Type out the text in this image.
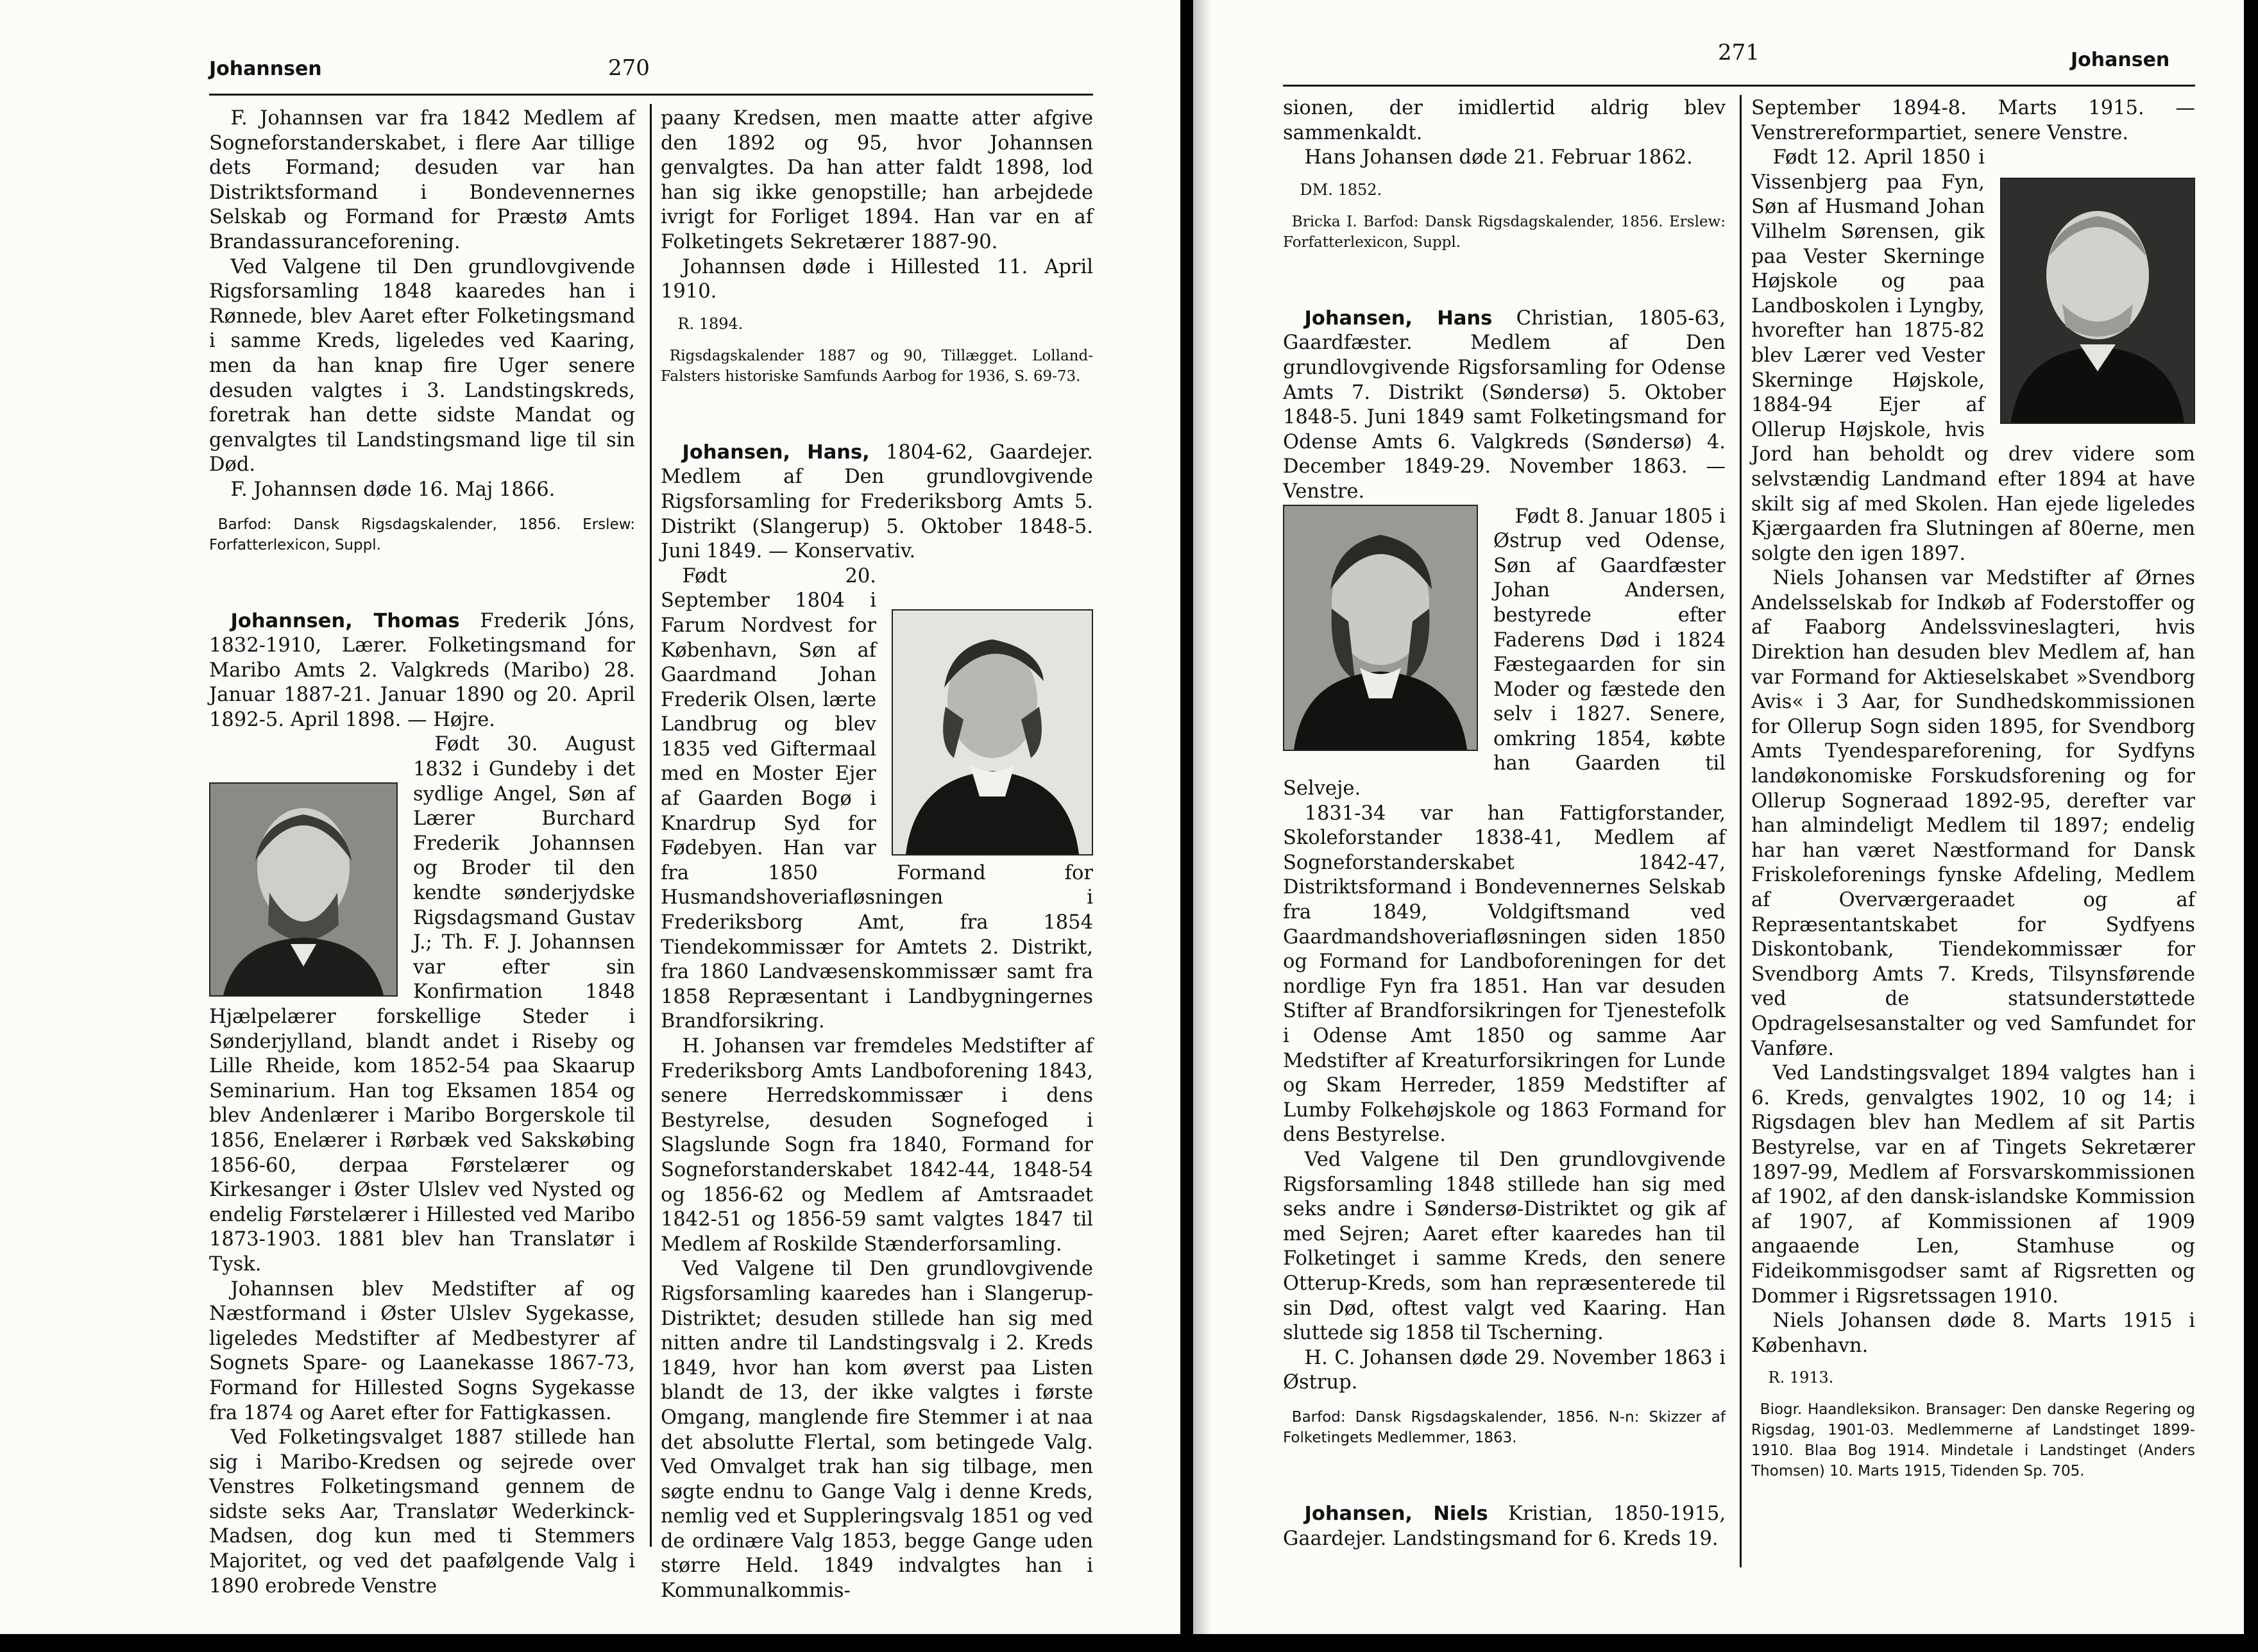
Johannsen	270

F. Johannsen var fra 1842 Medlem af Sogneforstanderskabet, i flere Aar tillige dets Formand; desuden var han Distriktsformand i Bondevennernes Selskab og Formand for Præstø Amts Brandassuranceforening.

Ved Valgene til Den grundlovgivende Rigsforsamling 1848 kaaredes han i Rønnede, blev Aaret efter Folketingsmand i samme Kreds, ligeledes ved Kaaring, men da han knap fire Uger senere desuden valgtes i 3. Landstingskreds, foretrak han dette sidste Mandat og genvalgtes til Landstingsmand lige til sin Død.

F. Johannsen døde 16. Maj 1866.

Barfod: Dansk Rigsdagskalender, 1856. Erslew: Forfatterlexicon, Suppl.

Johannsen, Thomas Frederik Jóns, 1832-1910, Lærer. Folketingsmand for Maribo Amts 2. Valgkreds (Maribo) 28. Januar 1887-21. Januar 1890 og 20. April 1892-5. April 1898. — Højre.

Født 30. August 1832 i Gundeby i det sydlige Angel, Søn af Lærer Burchard Frederik Johannsen og Broder til den kendte sønderjydske Rigsdagsmand Gustav J.; Th. F. J. Johannsen var efter sin Konfirmation 1848 Hjælpelærer forskellige Steder i Sønderjylland, blandt andet i Riseby og Lille Rheide, kom 1852-54 paa Skaarup Seminarium. Han tog Eksamen 1854 og blev Andenlærer i Maribo Borgerskole til 1856, Enelærer i Rørbæk ved Sakskøbing 1856-60, derpaa Førstelærer og Kirkesanger i Øster Ulslev ved Nysted og endelig Førstelærer i Hillested ved Maribo 1873-1903. 1881 blev han Translatør i Tysk.

Johannsen blev Medstifter af og Næstformand i Øster Ulslev Sygekasse, ligeledes Medstifter af Medbestyrer af Sognets Spare- og Laanekasse 1867-73, Formand for Hillested Sogns Sygekasse fra 1874 og Aaret efter for Fattigkassen.

Ved Folketingsvalget 1887 stillede han sig i Maribo-Kredsen og sejrede over Venstres Folketingsmand gennem de sidste seks Aar, Translatør Wederkinck-Madsen, dog kun med ti Stemmers Majoritet, og ved det paafølgende Valg i 1890 erobrede Venstre

paany Kredsen, men maatte atter afgive den 1892 og 95, hvor Johannsen genvalgtes. Da han atter faldt 1898, lod han sig ikke genopstille; han arbejdede ivrigt for Forliget 1894. Han var en af Folketingets Sekretærer 1887-90.

Johannsen døde i Hillested 11. April 1910.

R. 1894.

Rigsdagskalender 1887 og 90, Tillægget. Lolland-Falsters historiske Samfunds Aarbog for 1936, S. 69-73.

Johansen, Hans, 1804-62, Gaardejer. Medlem af Den grundlovgivende Rigsforsamling for Frederiksborg Amts 5. Distrikt (Slangerup) 5. Oktober 1848-5. Juni 1849. — Konservativ.

Født 20. September 1804 i Farum Nordvest for København, Søn af Gaardmand Johan Frederik Olsen, lærte Landbrug og blev 1835 ved Giftermaal med en Moster Ejer af Gaarden Bogø i Knardrup Syd for Fødebyen. Han var fra 1850 Formand for Husmandshoveriafløsningen i Frederiksborg Amt, fra 1854 Tiendekommissær for Amtets 2. Distrikt, fra 1860 Landvæsenskommissær samt fra 1858 Repræsentant i Landbygningernes Brandforsikring.

H. Johansen var fremdeles Medstifter af Frederiksborg Amts Landboforening 1843, senere Herredskommissær i dens Bestyrelse, desuden Sognefoged i Slagslunde Sogn fra 1840, Formand for Sogneforstanderskabet 1842-44, 1848-54 og 1856-62 og Medlem af Amtsraadet 1842-51 og 1856-59 samt valgtes 1847 til Medlem af Roskilde Stænderforsamling.

Ved Valgene til Den grundlovgivende Rigsforsamling kaaredes han i Slangerup-Distriktet; desuden stillede han sig med nitten andre til Landstingsvalg i 2. Kreds 1849, hvor han kom øverst paa Listen blandt de 13, der ikke valgtes i første Omgang, manglende fire Stemmer i at naa det absolutte Flertal, som betingede Valg. Ved Omvalget trak han sig tilbage, men søgte endnu to Gange Valg i denne Kreds, nemlig ved et Suppleringsvalg 1851 og ved de ordinære Valg 1853, begge Gange uden større Held. 1849 indvalgtes han i Kommunalkommis-

271	Johansen

sionen, der imidlertid aldrig blev sammenkaldt.

Hans Johansen døde 21. Februar 1862.

DM. 1852.

Bricka I. Barfod: Dansk Rigsdagskalender, 1856. Erslew: Forfatterlexicon, Suppl.

Johansen, Hans Christian, 1805-63, Gaardfæster. Medlem af Den grundlovgivende Rigsforsamling for Odense Amts 7. Distrikt (Søndersø) 5. Oktober 1848-5. Juni 1849 samt Folketingsmand for Odense Amts 6. Valgkreds (Søndersø) 4. December 1849-29. November 1863. — Venstre.

Født 8. Januar 1805 i Østrup ved Odense, Søn af Gaardfæster Johan Andersen, bestyrede efter Faderens Død i 1824 Fæstegaarden for sin Moder og fæstede den selv i 1827. Senere, omkring 1854, købte han Gaarden til Selveje.

1831-34 var han Fattigforstander, Skoleforstander 1838-41, Medlem af Sogneforstanderskabet 1842-47, Distriktsformand i Bondevennernes Selskab fra 1849, Voldgiftsmand ved Gaardmandshoveriafløsningen siden 1850 og Formand for Landboforeningen for det nordlige Fyn fra 1851. Han var desuden Stifter af Brandforsikringen for Tjenestefolk i Odense Amt 1850 og samme Aar Medstifter af Kreaturforsikringen for Lunde og Skam Herreder, 1859 Medstifter af Lumby Folkehøjskole og 1863 Formand for dens Bestyrelse.

Ved Valgene til Den grundlovgivende Rigsforsamling 1848 stillede han sig med seks andre i Søndersø-Distriktet og gik af med Sejren; Aaret efter kaaredes han til Folketinget i samme Kreds, den senere Otterup-Kreds, som han repræsenterede til sin Død, oftest valgt ved Kaaring. Han sluttede sig 1858 til Tscherning.

H. C. Johansen døde 29. November 1863 i Østrup.

Barfod: Dansk Rigsdagskalender, 1856. N-n: Skizzer af Folketingets Medlemmer, 1863.

Johansen, Niels Kristian, 1850-1915, Gaardejer. Landstingsmand for 6. Kreds 19.

September 1894-8. Marts 1915. — Venstrereformpartiet, senere Venstre.

Født 12. April 1850 i Vissenbjerg paa Fyn, Søn af Husmand Johan Vilhelm Sørensen, gik paa Vester Skerninge Højskole og paa Landboskolen i Lyngby, hvorefter han 1875-82 blev Lærer ved Vester Skerninge Højskole, 1884-94 Ejer af Ollerup Højskole, hvis Jord han beholdt og drev videre som selvstændig Landmand efter 1894 at have skilt sig af med Skolen. Han ejede ligeledes Kjærgaarden fra Slutningen af 80erne, men solgte den igen 1897.

Niels Johansen var Medstifter af Ørnes Andelsselskab for Indkøb af Foderstoffer og af Faaborg Andelssvineslagteri, hvis Direktion han desuden blev Medlem af, han var Formand for Aktieselskabet »Svendborg Avis« i 3 Aar, for Sundhedskommissionen for Ollerup Sogn siden 1895, for Svendborg Amts Tyendespareforening, for Sydfyns landøkonomiske Forskudsforening og for Ollerup Sogneraad 1892-95, derefter var han almindeligt Medlem til 1897; endelig har han været Næstformand for Dansk Friskoleforenings fynske Afdeling, Medlem af Overværgeraadet og af Repræsentantskabet for Sydfyens Diskontobank, Tiendekommissær for Svendborg Amts 7. Kreds, Tilsynsførende ved de statsunderstøttede Opdragelsesanstalter og ved Samfundet for Vanføre.

Ved Landstingsvalget 1894 valgtes han i 6. Kreds, genvalgtes 1902, 10 og 14; i Rigsdagen blev han Medlem af sit Partis Bestyrelse, var en af Tingets Sekretærer 1897-99, Medlem af Forsvarskommissionen af 1902, af den dansk-islandske Kommission af 1907, af Kommissionen af 1909 angaaende Len, Stamhuse og Fideikommisgodser samt af Rigsretten og Dommer i Rigsretssagen 1910.

Niels Johansen døde 8. Marts 1915 i København.

R. 1913.

Biogr. Haandleksikon. Bransager: Den danske Regering og Rigsdag, 1901-03. Medlemmerne af Landstinget 1899-1910. Blaa Bog 1914. Mindetale i Landstinget (Anders Thomsen) 10. Marts 1915, Tidenden Sp. 705.
